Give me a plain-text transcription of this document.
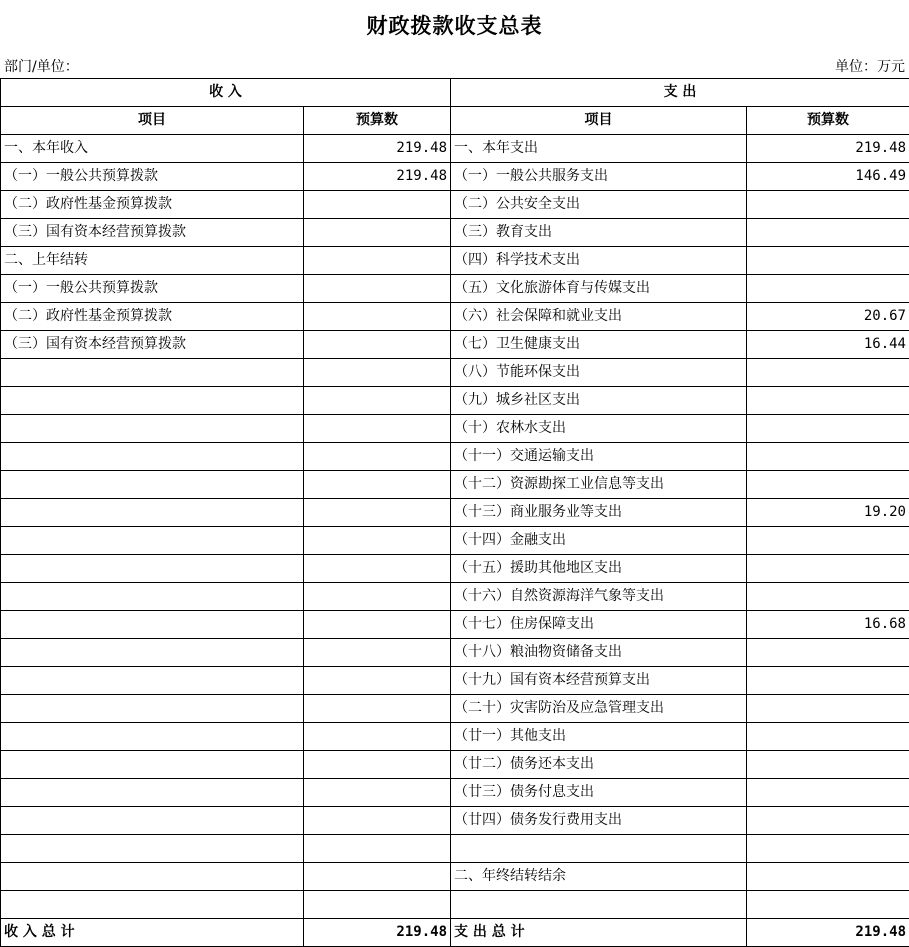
财政拨款收支总表
部门/单位：	单位：万元
收 入		支 出	
项目	预算数	项目	预算数
一、本年收入	219.48	一、本年支出	219.48
（一）一般公共预算拨款	219.48	（一）一般公共服务支出	146.49
（二）政府性基金预算拨款		（二）公共安全支出	
（三）国有资本经营预算拨款		（三）教育支出	
二、上年结转		（四）科学技术支出	
（一）一般公共预算拨款		（五）文化旅游体育与传媒支出	
（二）政府性基金预算拨款		（六）社会保障和就业支出	20.67
（三）国有资本经营预算拨款		（七）卫生健康支出	16.44
		（八）节能环保支出	
		（九）城乡社区支出	
		（十）农林水支出	
		（十一）交通运输支出	
		（十二）资源勘探工业信息等支出	
		（十三）商业服务业等支出	19.20
		（十四）金融支出	
		（十五）援助其他地区支出	
		（十六）自然资源海洋气象等支出	
		（十七）住房保障支出	16.68
		（十八）粮油物资储备支出	
		（十九）国有资本经营预算支出	
		（二十）灾害防治及应急管理支出	
		（廿一）其他支出	
		（廿二）债务还本支出	
		（廿三）债务付息支出	
		（廿四）债务发行费用支出	

		二、年终结转结余	

收 入 总 计	219.48	支 出 总 计	219.48
